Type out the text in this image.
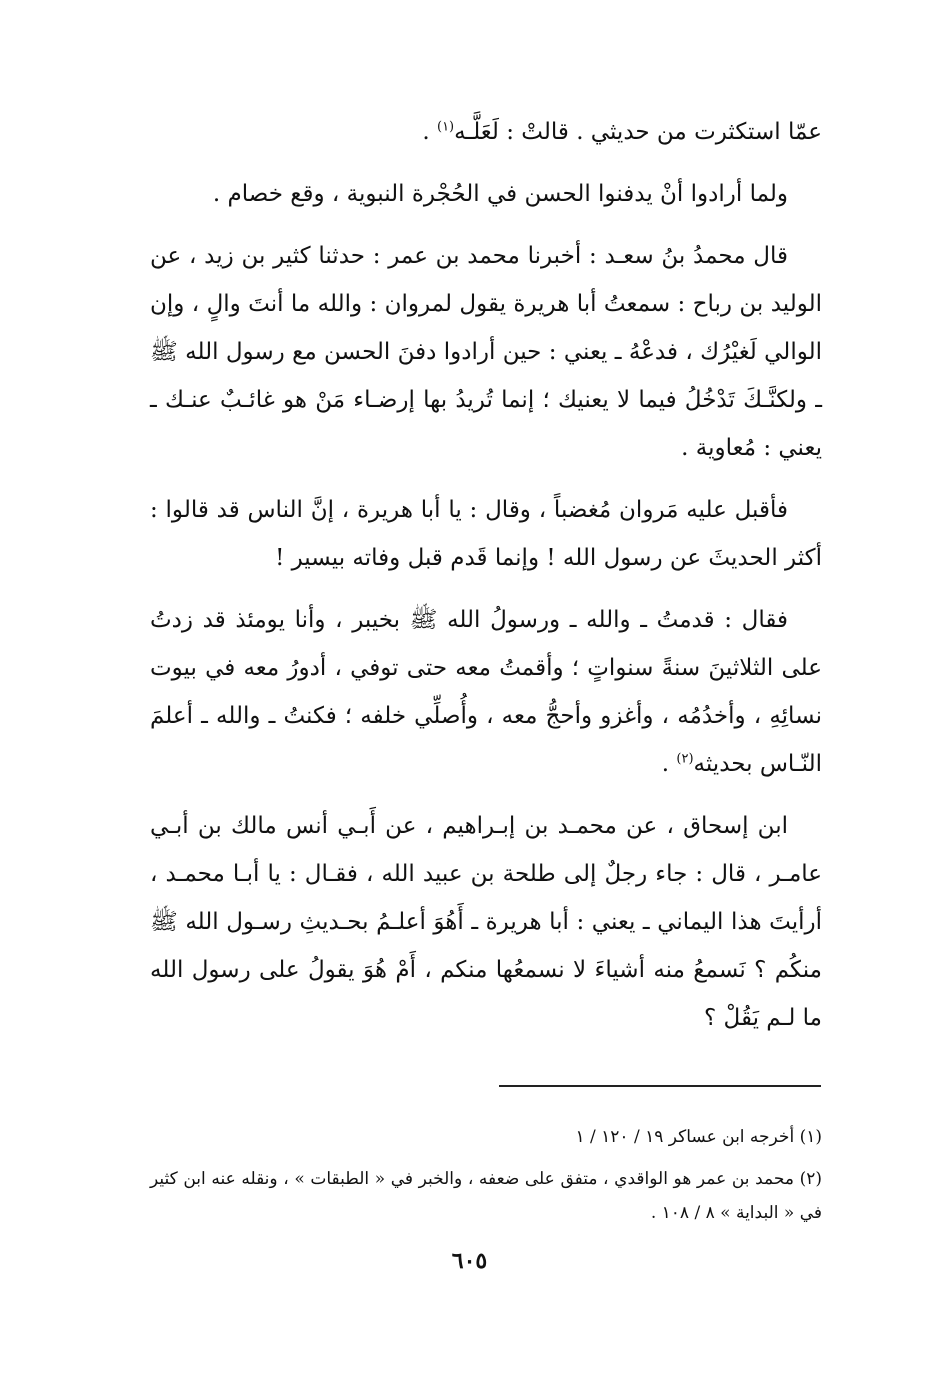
عمّا استكثرت من حديثي . قالتْ : لَعَلَّـه$^{(١)}$ .

ولما أرادوا أنْ يدفنوا الحسن في الحُجْرة النبوية ، وقع خصام .

قال محمدُ بنُ سعـد : أخبرنا محمد بن عمر : حدثنا كثير بن زيد ، عن الوليد بن رباح : سمعتُ أبا هريرة يقول لمروان : والله ما أنتَ والٍ ، وإن الوالي لَغيْرُك ، فدعْهُ ـ يعني : حين أرادوا دفنَ الحسن مع رسول الله ﷺ ـ ولكنَّـكَ تَدْخُلُ فيما لا يعنيك ؛ إنما تُريدُ بها إرضـاء مَنْ هو غائـبٌ عنـك ـ يعني : مُعاوية .

فأقبل عليه مَروان مُغضباً ، وقال : يا أبا هريرة ، إنَّ الناس قد قالوا : أكثر الحديثَ عن رسول الله ! وإنما قَدم قبل وفاته بيسير !

فقال : قدمتُ ـ والله ـ ورسولُ الله ﷺ بخيبر ، وأنا يومئذ قد زدتُ على الثلاثينَ سنةً سنواتٍ ؛ وأقمتُ معه حتى توفي ، أدورُ معه في بيوت نسائِهِ ، وأخدُمُه ، وأغزو وأحجُّ معه ، وأُصلِّي خلفه ؛ فكنتُ ـ والله ـ أعلمَ النّـاس بحديثه$^{(٢)}$ .

ابن إسحاق ، عن محمـد بن إبـراهيم ، عن أَبـي أنس مالك بن أبـي عامـر ، قال : جاء رجلٌ إلى طلحة بن عبيد الله ، فقـال : يا أبـا محمـد ، أرأيتَ هذا اليماني ـ يعني : أبا هريرة ـ أَهُوَ أعلـمُ بحـديثِ رسـول الله ﷺ منكُم ؟ نَسمعُ منه أشياءَ لا نسمعُها منكم ، أَمْ هُوَ يقولُ على رسول الله ما لـم يَقُلْ ؟

(١) أخرجه ابن عساكر ١٩ / ١٢٠ / ١

(٢) محمد بن عمر هو الواقدي ، متفق على ضعفه ، والخبر في « الطبقات » ، ونقله عنه ابن كثير في « البداية » ٨ / ١٠٨ .

٦٠٥
